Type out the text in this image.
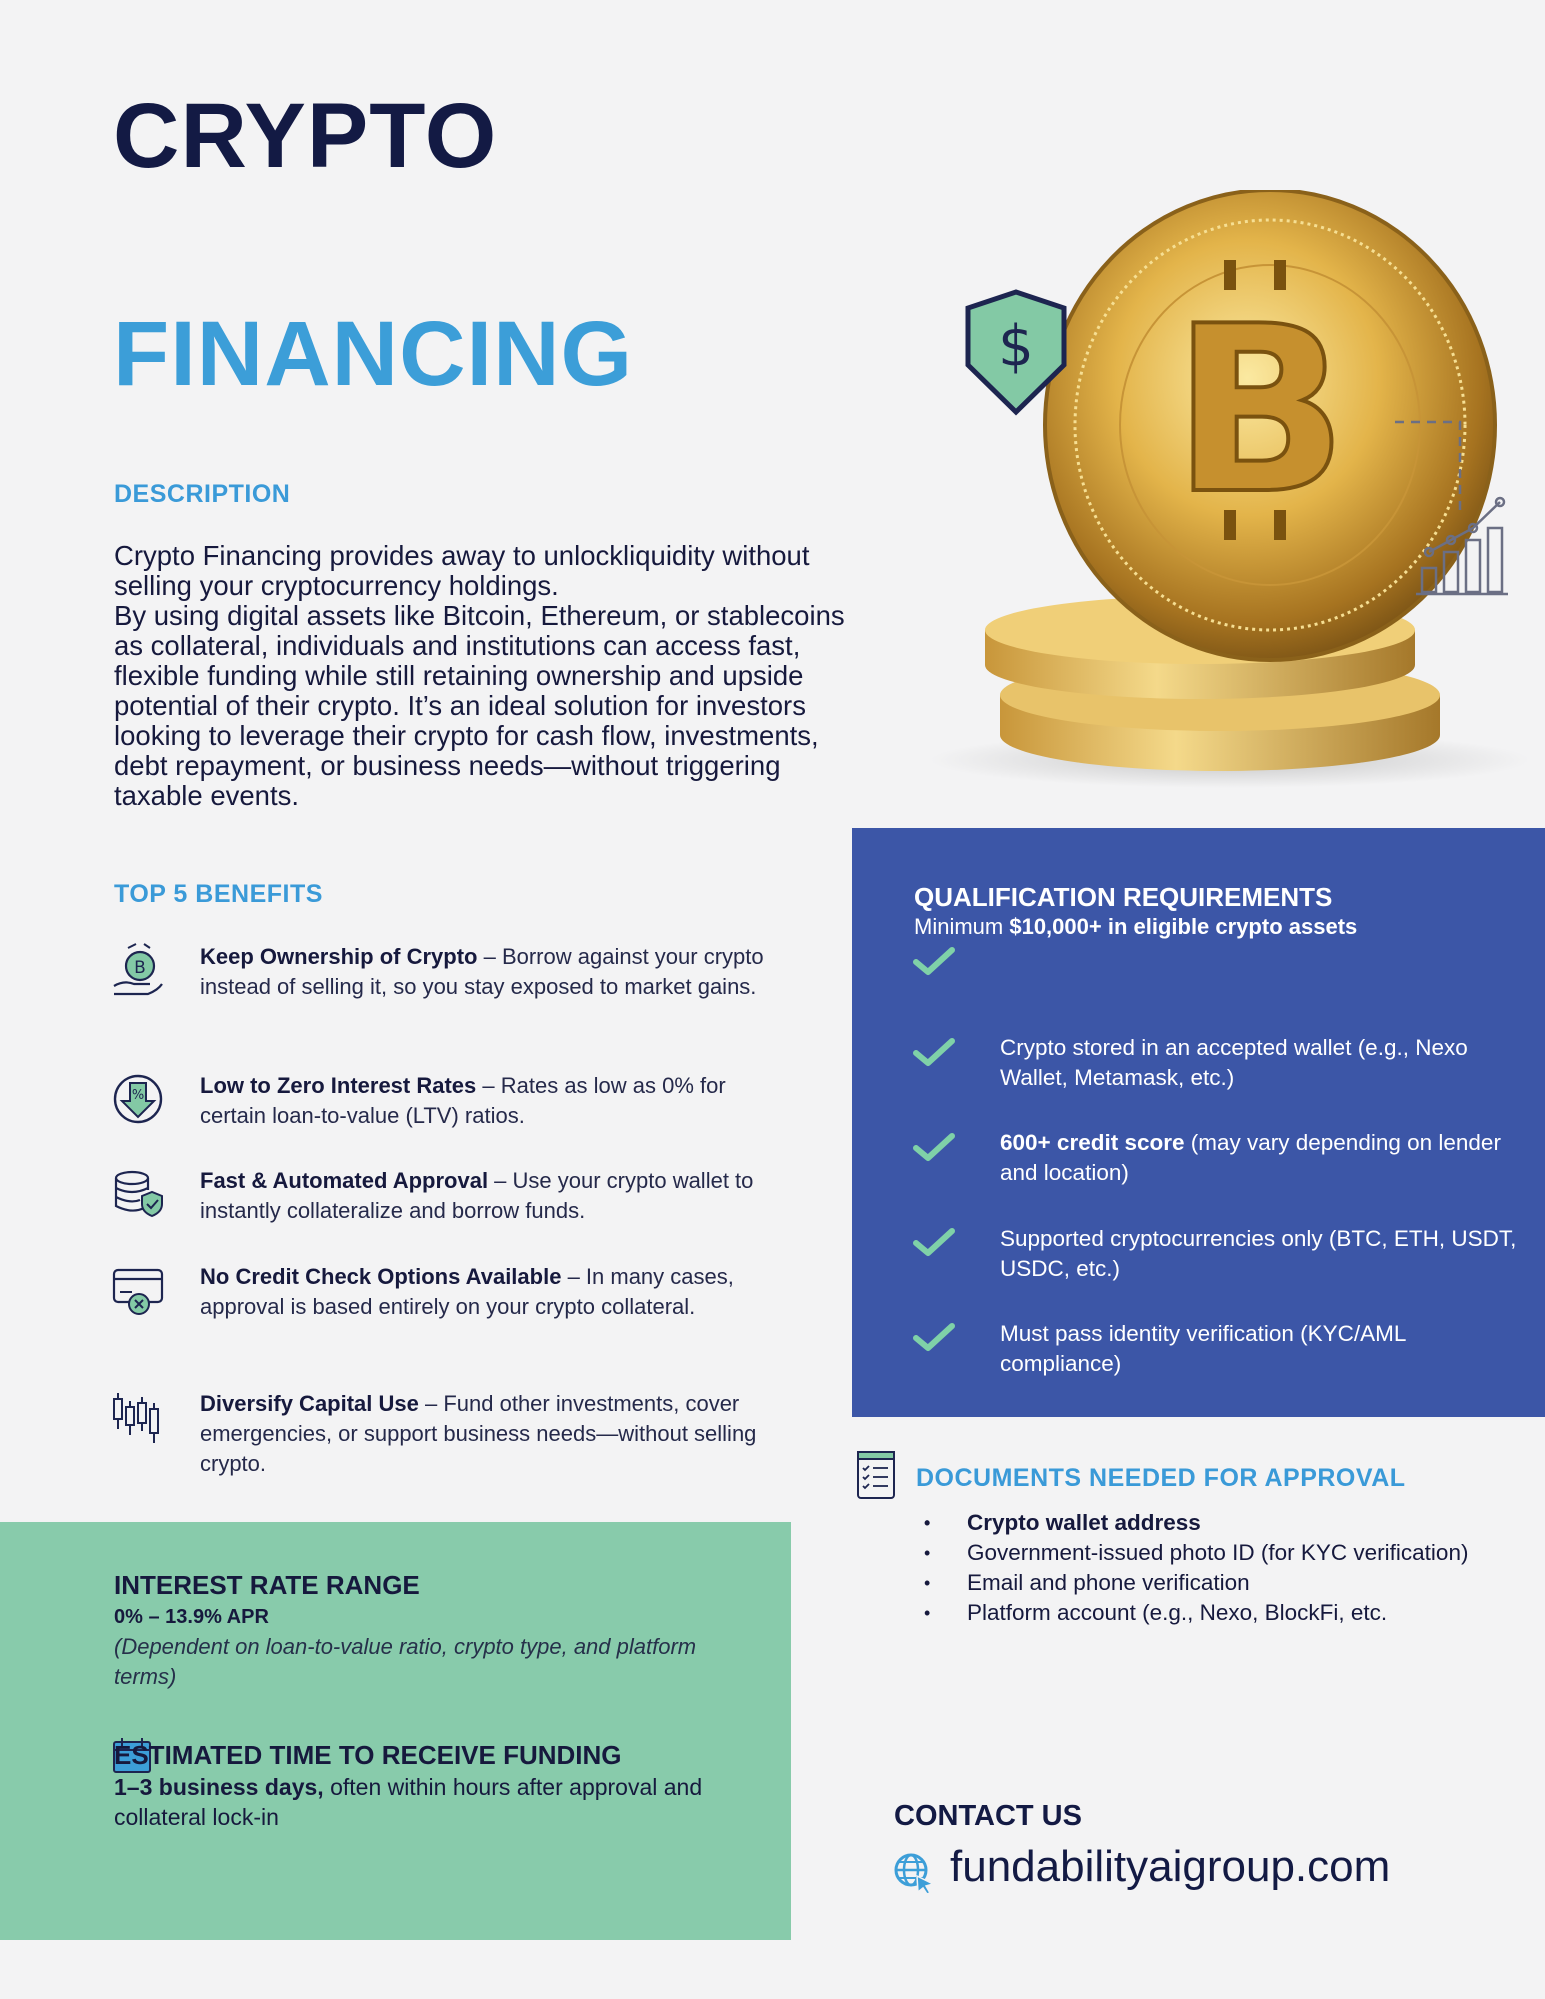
CRYPTO
FINANCING
DESCRIPTION

Crypto Financing provides away to unlockliquidity without selling your cryptocurrency holdings.

By using digital assets like Bitcoin, Ethereum, or stablecoins as collateral, individuals and institutions can access fast, flexible funding while still retaining ownership and upside potential of their crypto. It’s an ideal solution for investors looking to leverage their crypto for cash flow, investments, debt repayment, or business needs—without triggering taxable events.

B
$
TOP 5 BENEFITS
B Keep Ownership of Crypto – Borrow against your crypto instead of selling it, so you stay exposed to market gains.
%	Low to Zero Interest Rates – Rates as low as 0% for certain loan-to-value (LTV) ratios.
Fast & Automated Approval – Use your crypto wallet to instantly collateralize and borrow funds.
No Credit Check Options Available – In many cases, approval is based entirely on your crypto collateral.
Diversify Capital Use – Fund other investments, cover emergencies, or support business needs—without selling crypto.
INTEREST RATE RANGE
0% – 13.9% APR
(Dependent on loan-to-value ratio, crypto type, and platform terms)
ESTIMATED TIME TO RECEIVE FUNDING
1–3 business days, often within hours after approval and collateral lock-in
QUALIFICATION REQUIREMENTS
Minimum $10,000+ in eligible crypto assets
Crypto stored in an accepted wallet (e.g., Nexo Wallet, Metamask, etc.)
600+ credit score (may vary depending on lender and location)
Supported cryptocurrencies only (BTC, ETH, USDT, USDC, etc.)
Must pass identity verification (KYC/AML compliance)
DOCUMENTS NEEDED FOR APPROVAL
• Crypto wallet address
• Government-issued photo ID (for KYC verification)
• Email and phone verification
• Platform account (e.g., Nexo, BlockFi, etc.
CONTACT US
fundabilityaigroup.com
